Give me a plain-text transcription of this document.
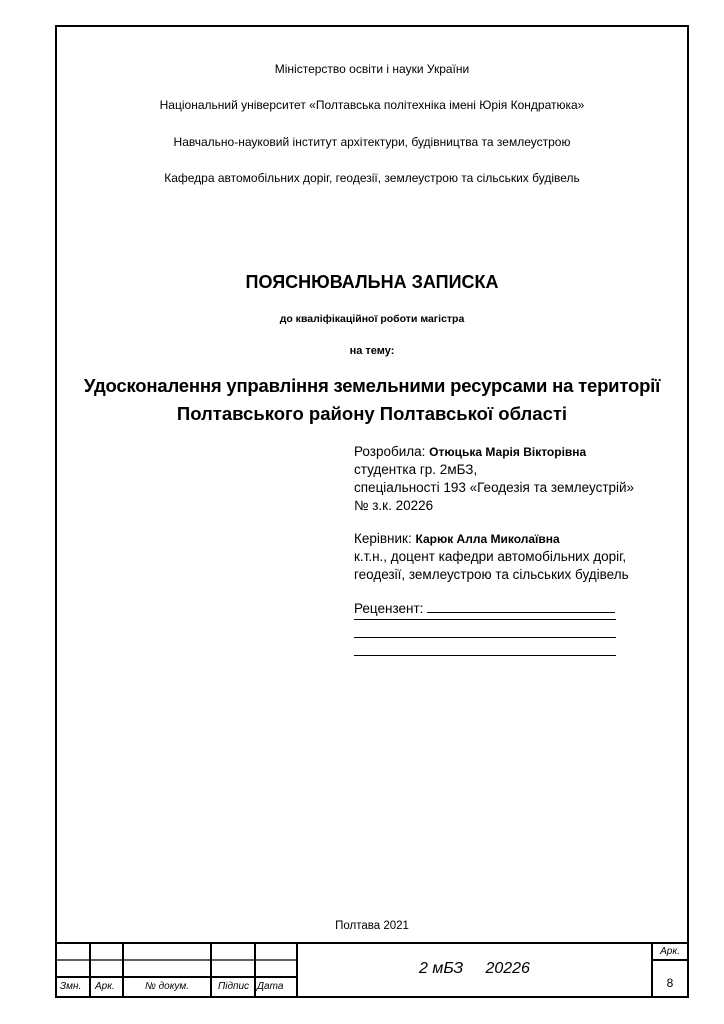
Міністерство освіти і науки України
Національний університет «Полтавська політехніка імені Юрія Кондратюка»
Навчально-науковий інститут архітектури, будівництва та землеустрою
Кафедра автомобільних доріг, геодезії, землеустрою та сільських будівель
ПОЯСНЮВАЛЬНА ЗАПИСКА
до кваліфікаційної роботи магістра
на тему:
Удосконалення управління земельними ресурсами на території
Полтавського району Полтавської області
Розробила: Отюцька Марія Вікторівна
студентка гр. 2мБЗ,
спеціальності 193 «Геодезія та землеустрій»
№ з.к. 20226
Керівник: Карюк Алла Миколаївна
к.т.н., доцент кафедри автомобільних доріг,
геодезії, землеустрою та сільських будівель
Рецензент:
Полтава 2021
Змн. Арк.	№ докум.	Підпис Дата
2 мБЗ     20226
Арк.
8
